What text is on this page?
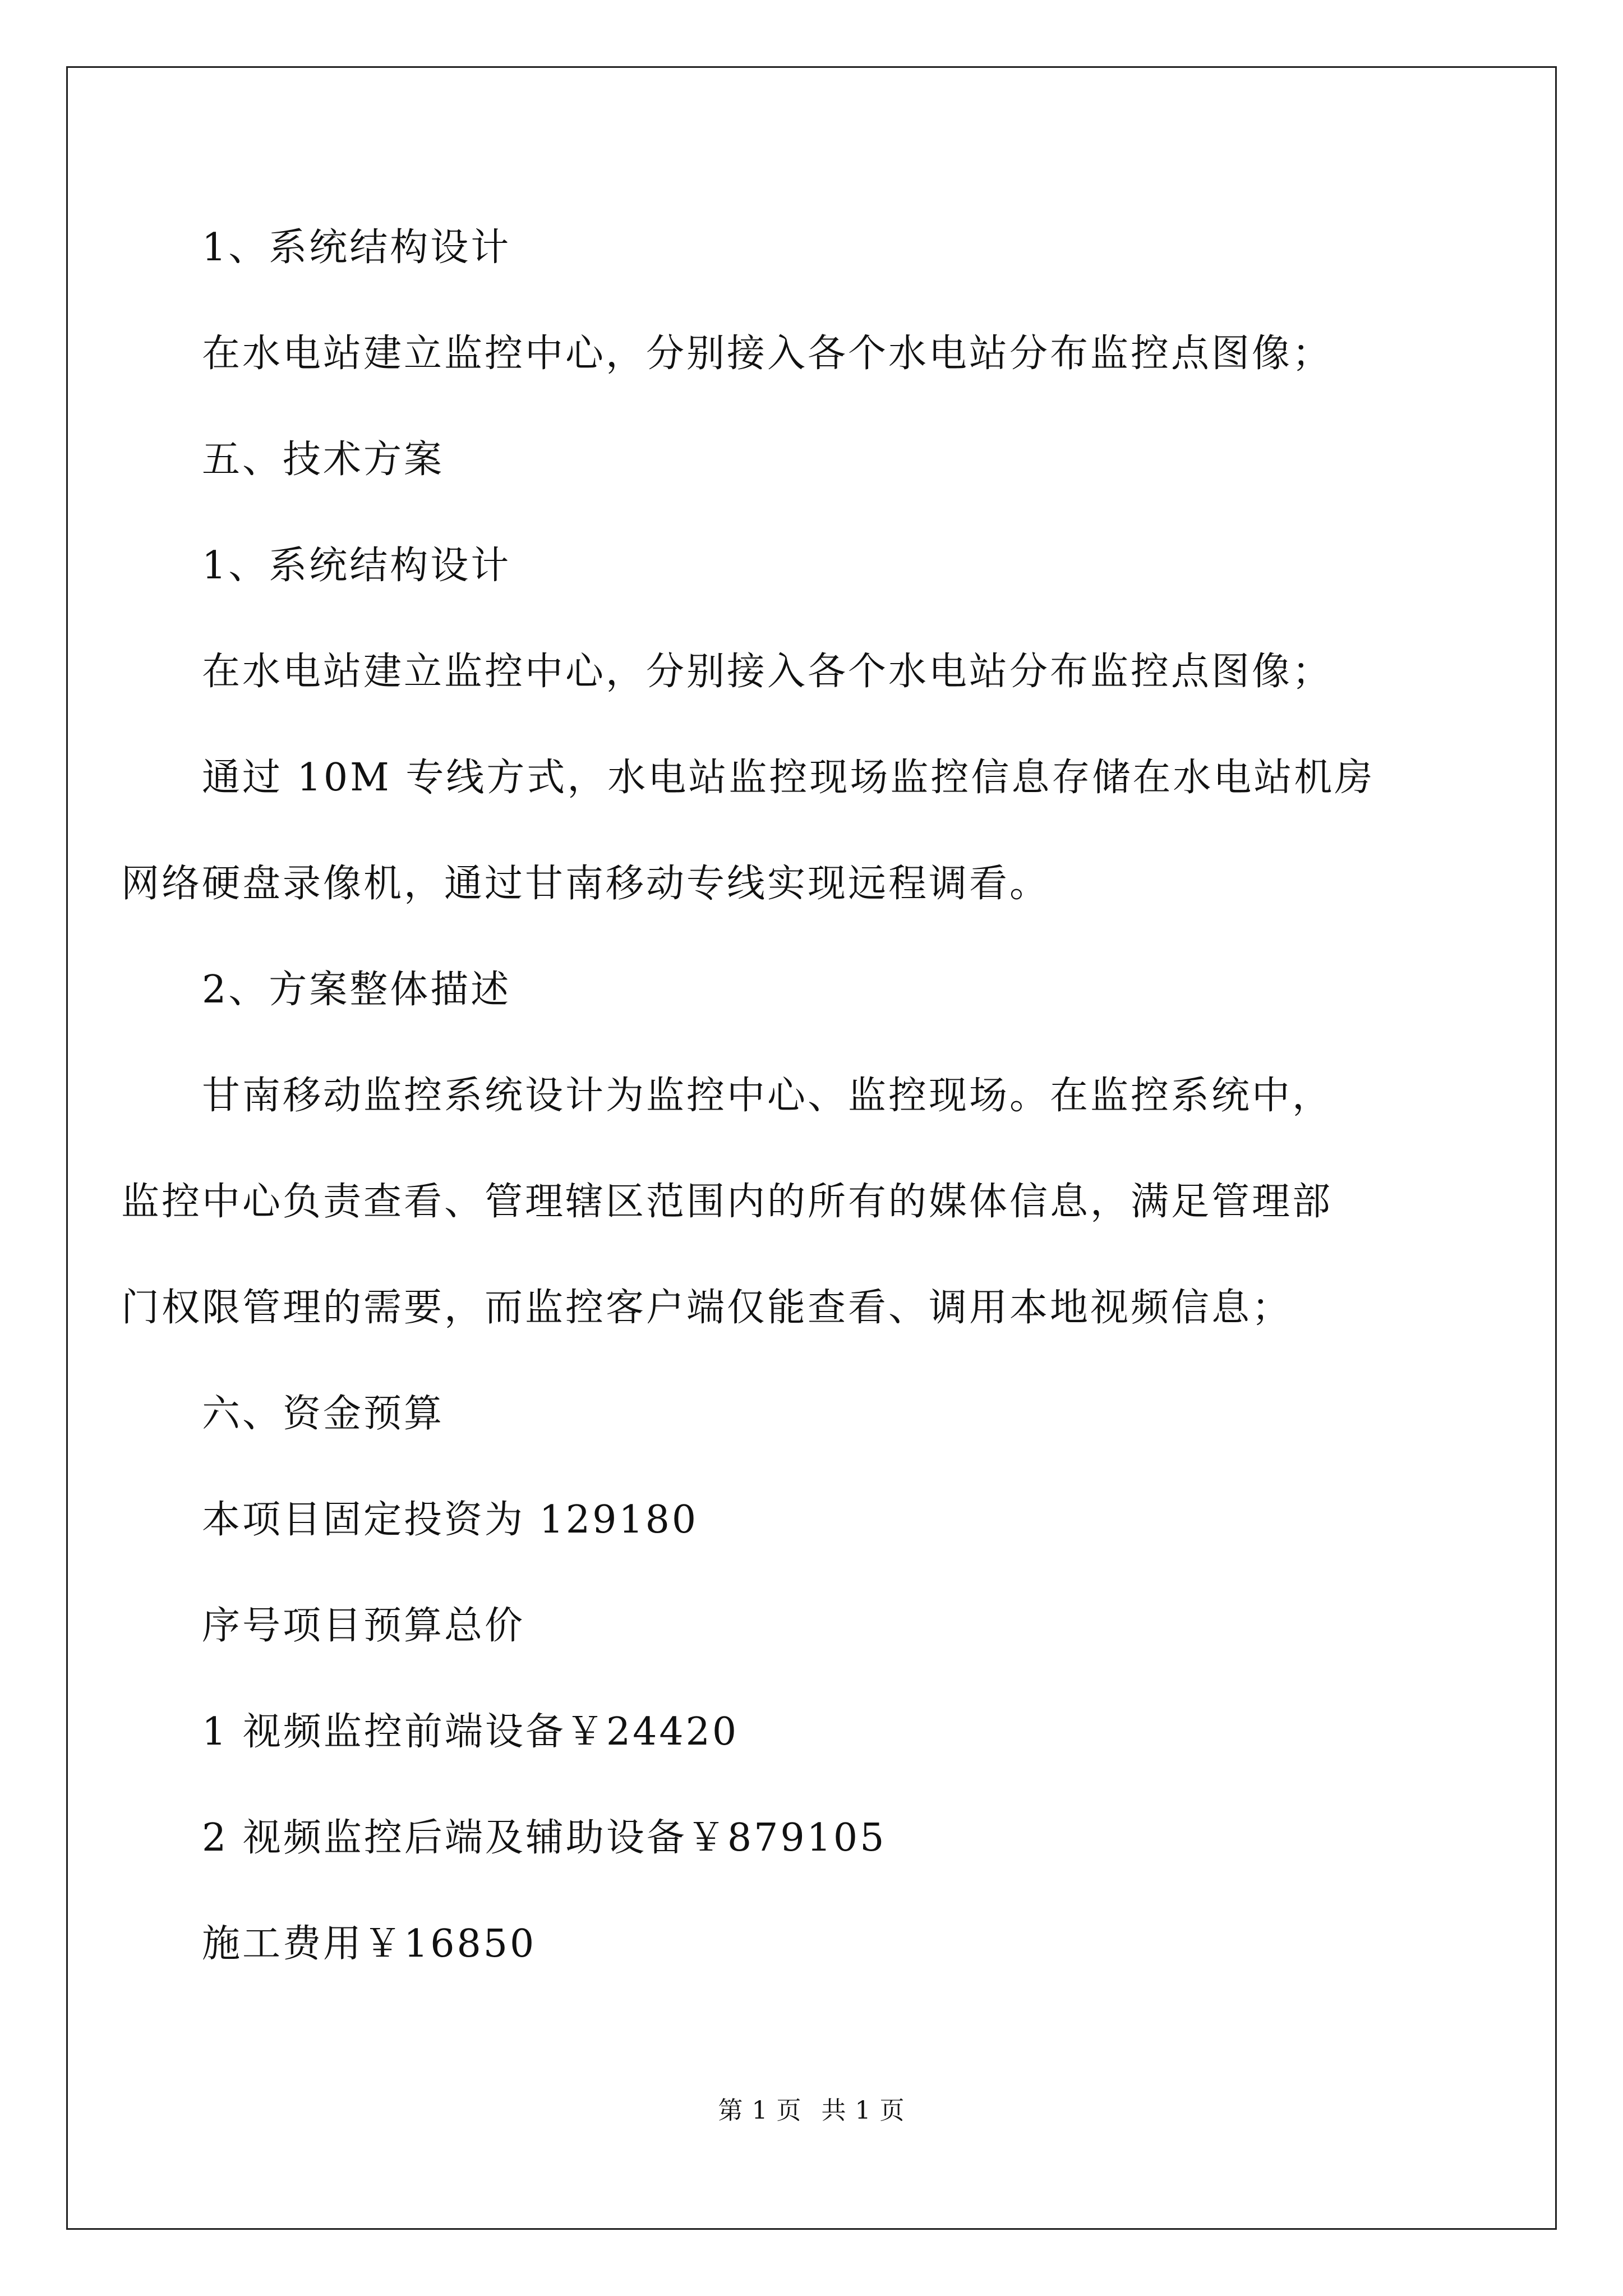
1、系统结构设计
在水电站建立监控中心，分别接入各个水电站分布监控点图像；
五、技术方案
1、系统结构设计
在水电站建立监控中心，分别接入各个水电站分布监控点图像；
通过 10M 专线方式，水电站监控现场监控信息存储在水电站机房
网络硬盘录像机，通过甘南移动专线实现远程调看。
2、方案整体描述
甘南移动监控系统设计为监控中心、监控现场。在监控系统中，
监控中心负责查看、管理辖区范围内的所有的媒体信息，满足管理部
门权限管理的需要，而监控客户端仅能查看、调用本地视频信息；
六、资金预算
本项目固定投资为 129180
序号项目预算总价
1 视频监控前端设备￥24420
2 视频监控后端及辅助设备￥879105
施工费用￥16850
第 1 页 共 1 页
